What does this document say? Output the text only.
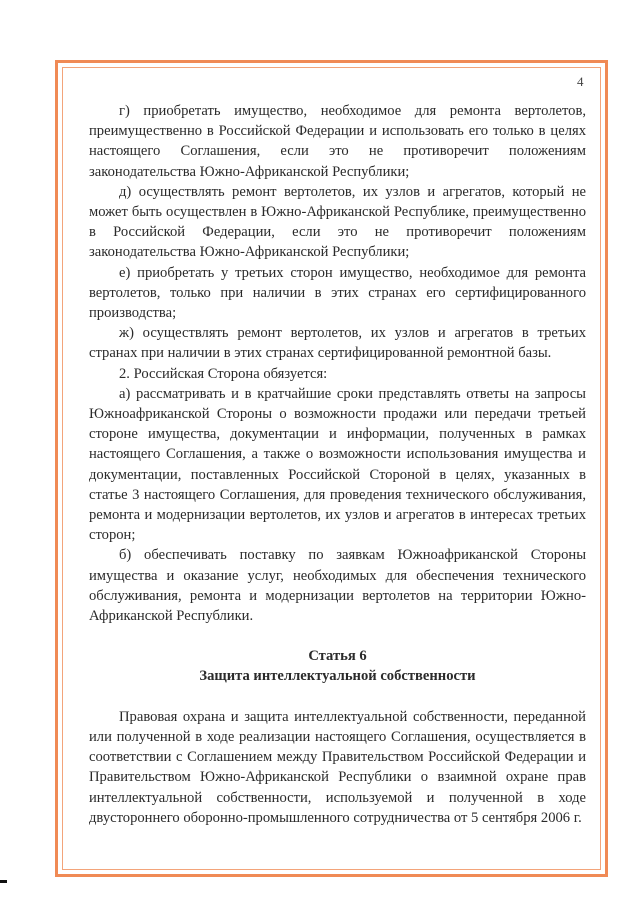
4

г) приобретать имущество, необходимое для ремонта вертолетов, преимущественно в Российской Федерации и использовать его только в целях настоящего Соглашения, если это не противоречит положениям законодательства Южно-Африканской Республики;

д) осуществлять ремонт вертолетов, их узлов и агрегатов, который не может быть осуществлен в Южно-Африканской Республике, преимущественно в Российской Федерации, если это не противоречит положениям законодательства Южно-Африканской Республики;

е) приобретать у третьих сторон имущество, необходимое для ремонта вертолетов, только при наличии в этих странах его сертифицированного производства;

ж) осуществлять ремонт вертолетов, их узлов и агрегатов в третьих странах при наличии в этих странах сертифицированной ремонтной базы.

2. Российская Сторона обязуется:

а) рассматривать и в кратчайшие сроки представлять ответы на запросы Южноафриканской Стороны о возможности продажи или передачи третьей стороне имущества, документации и информации, полученных в рамках настоящего Соглашения, а также о возможности использования имущества и документации, поставленных Российской Стороной в целях, указанных в статье 3 настоящего Соглашения, для проведения технического обслуживания, ремонта и модернизации вертолетов, их узлов и агрегатов в интересах третьих сторон;

б) обеспечивать поставку по заявкам Южноафриканской Стороны имущества и оказание услуг, необходимых для обеспечения технического обслуживания, ремонта и модернизации вертолетов на территории Южно-Африканской Республики.

Статья 6

Защита интеллектуальной собственности

Правовая охрана и защита интеллектуальной собственности, переданной или полученной в ходе реализации настоящего Соглашения, осуществляется в соответствии с Соглашением между Правительством Российской Федерации и Правительством Южно-Африканской Республики о взаимной охране прав интеллектуальной собственности, используемой и полученной в ходе двустороннего оборонно-промышленного сотрудничества от 5 сентября 2006 г.
